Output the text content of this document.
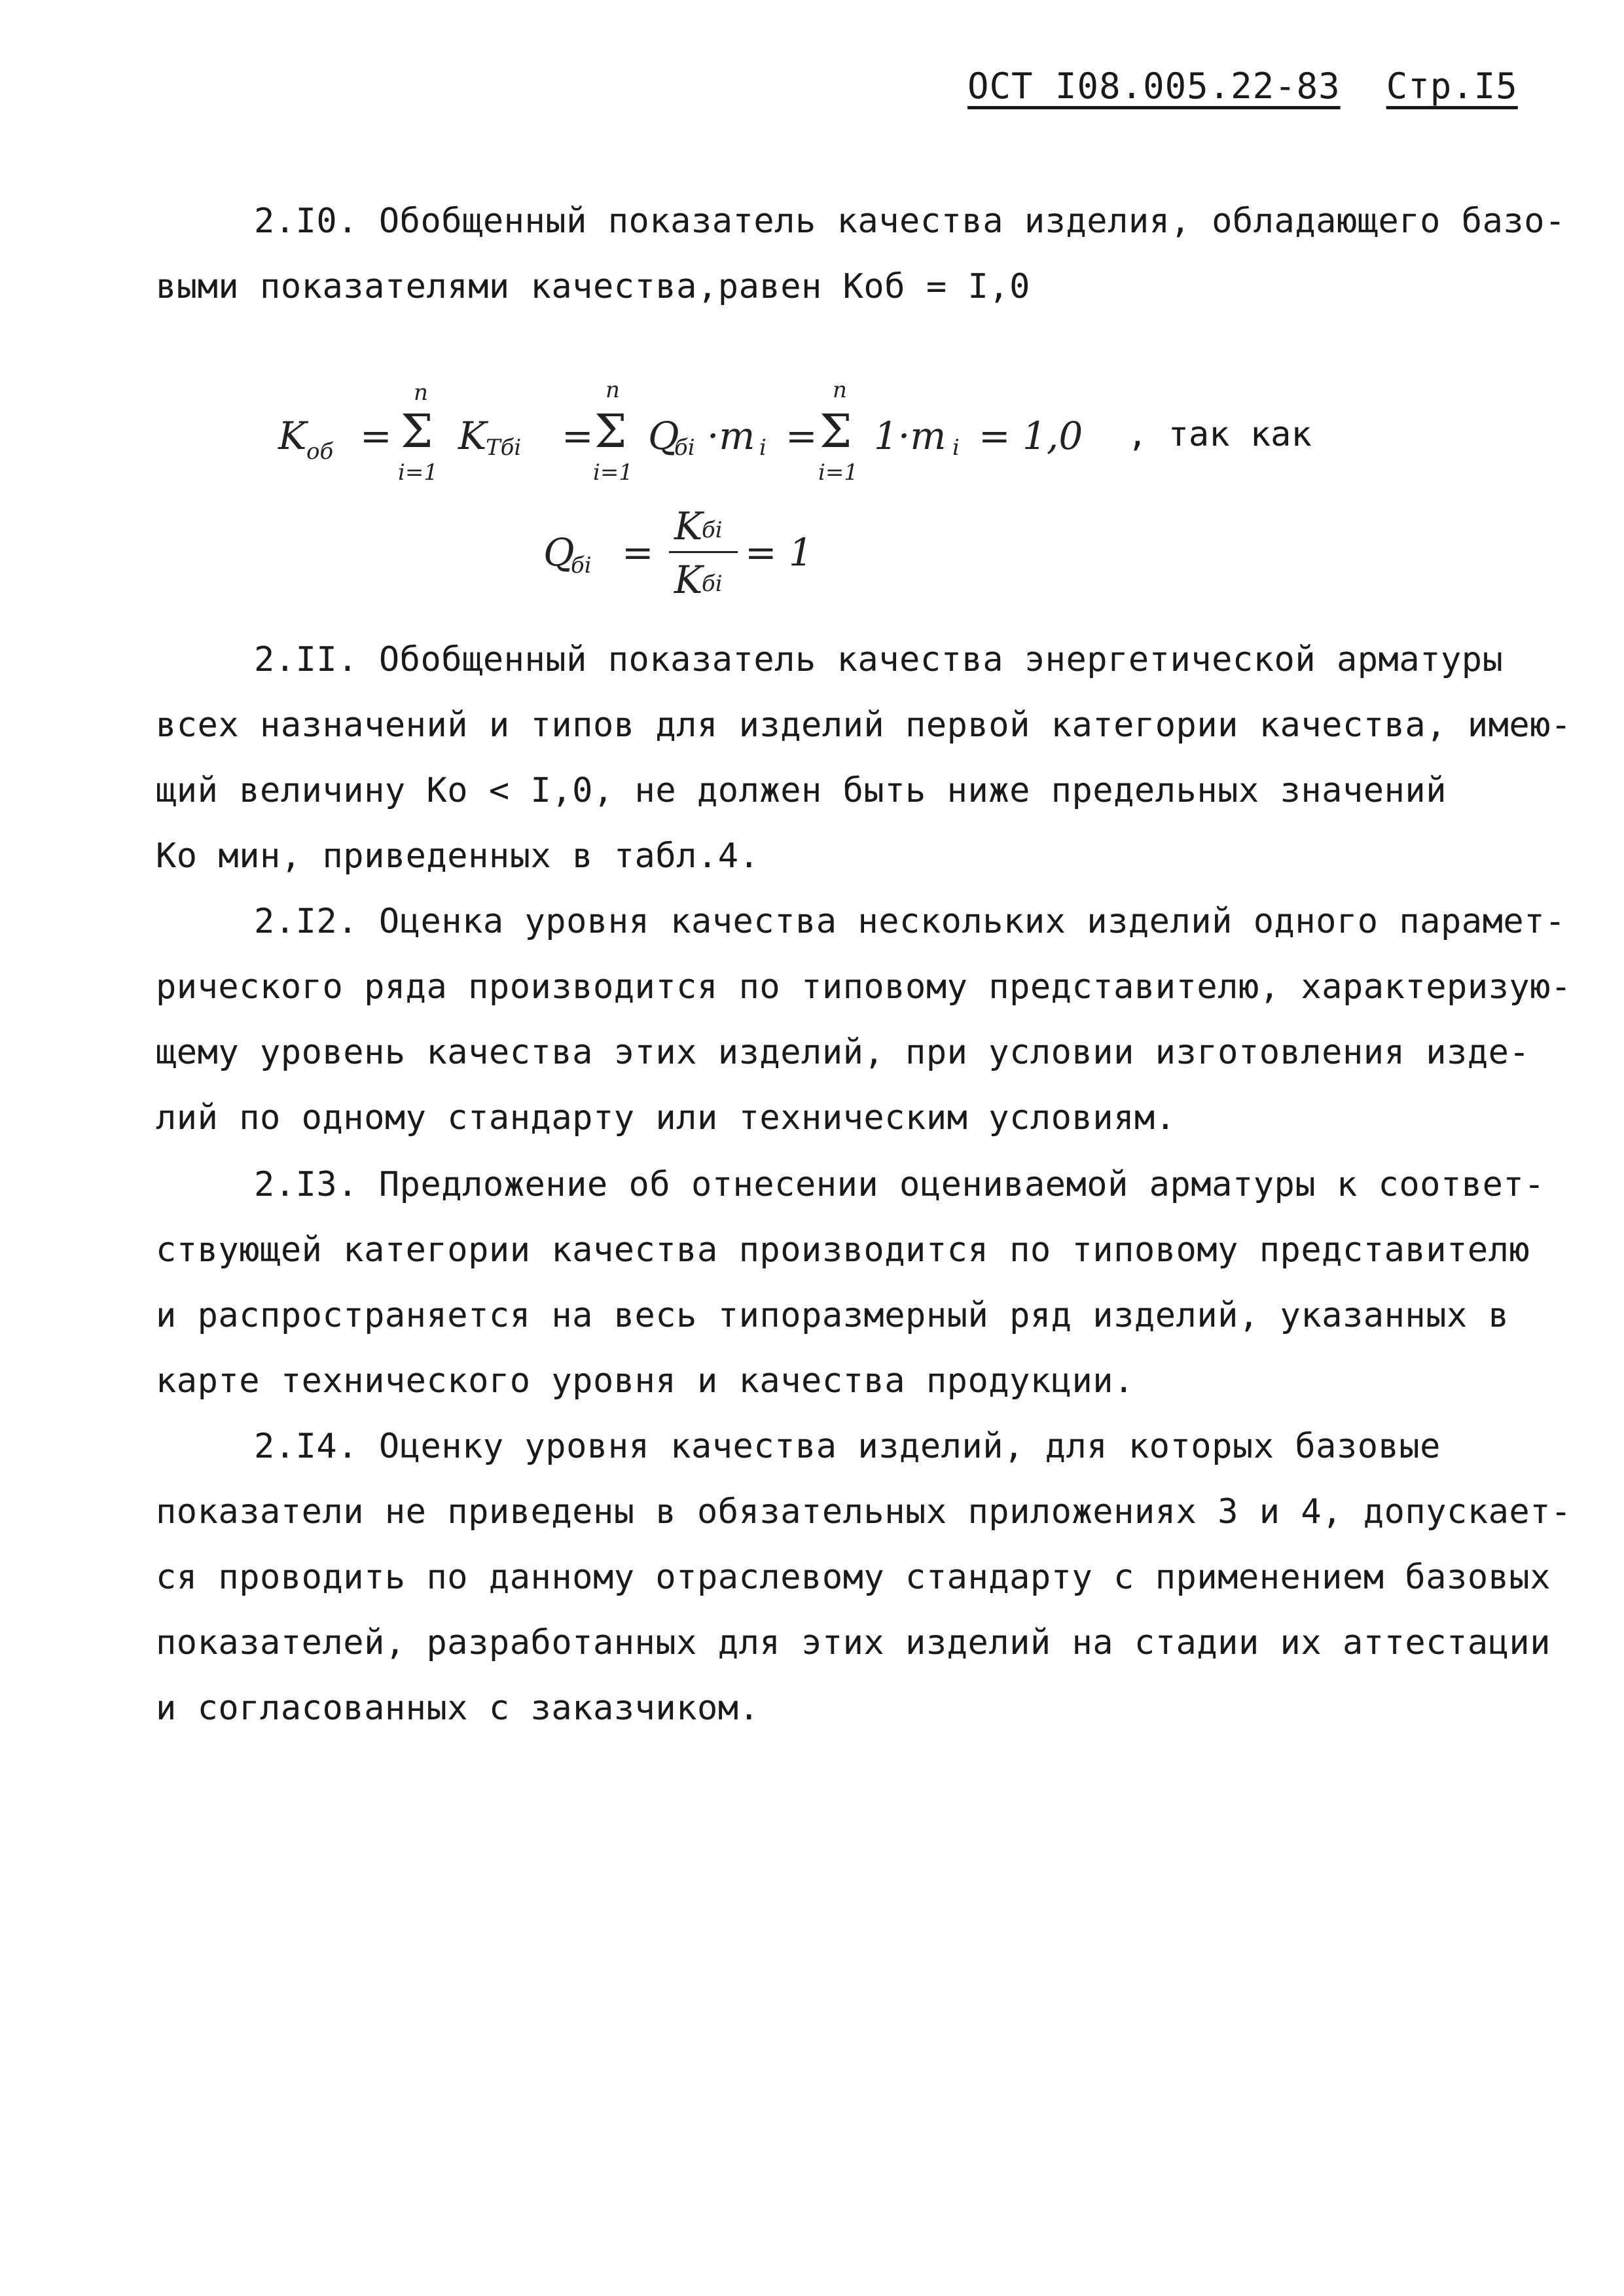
ОСТ I08.005.22-83 Стр.I5
2.I0. Обобщенный показатель качества изделия, обладающего базо-
выми показателями качества,равен Коб = I,0
K об =
n
Σ
i=1
K
Тбi =
n
Σ
i=1
Q
бi ·m i =
n
Σ
i=1
1·m i = 1,0 , так как
Q
бi =
K
бi
K
бi
= 1
2.II. Обобщенный показатель качества энергетической арматуры
всех назначений и типов для изделий первой категории качества, имею-
щий величину Ко < I,0, не должен быть ниже предельных значений
Ко мин, приведенных в табл.4.
2.I2. Оценка уровня качества нескольких изделий одного парамет-
рического ряда производится по типовому представителю, характеризую-
щему уровень качества этих изделий, при условии изготовления изде-
лий по одному стандарту или техническим условиям.
2.I3. Предложение об отнесении оцениваемой арматуры к соответ-
ствующей категории качества производится по типовому представителю
и распространяется на весь типоразмерный ряд изделий, указанных в
карте технического уровня и качества продукции.
2.I4. Оценку уровня качества изделий, для которых базовые
показатели не приведены в обязательных приложениях 3 и 4, допускает-
ся проводить по данному отраслевому стандарту с применением базовых
показателей, разработанных для этих изделий на стадии их аттестации
и согласованных с заказчиком.
